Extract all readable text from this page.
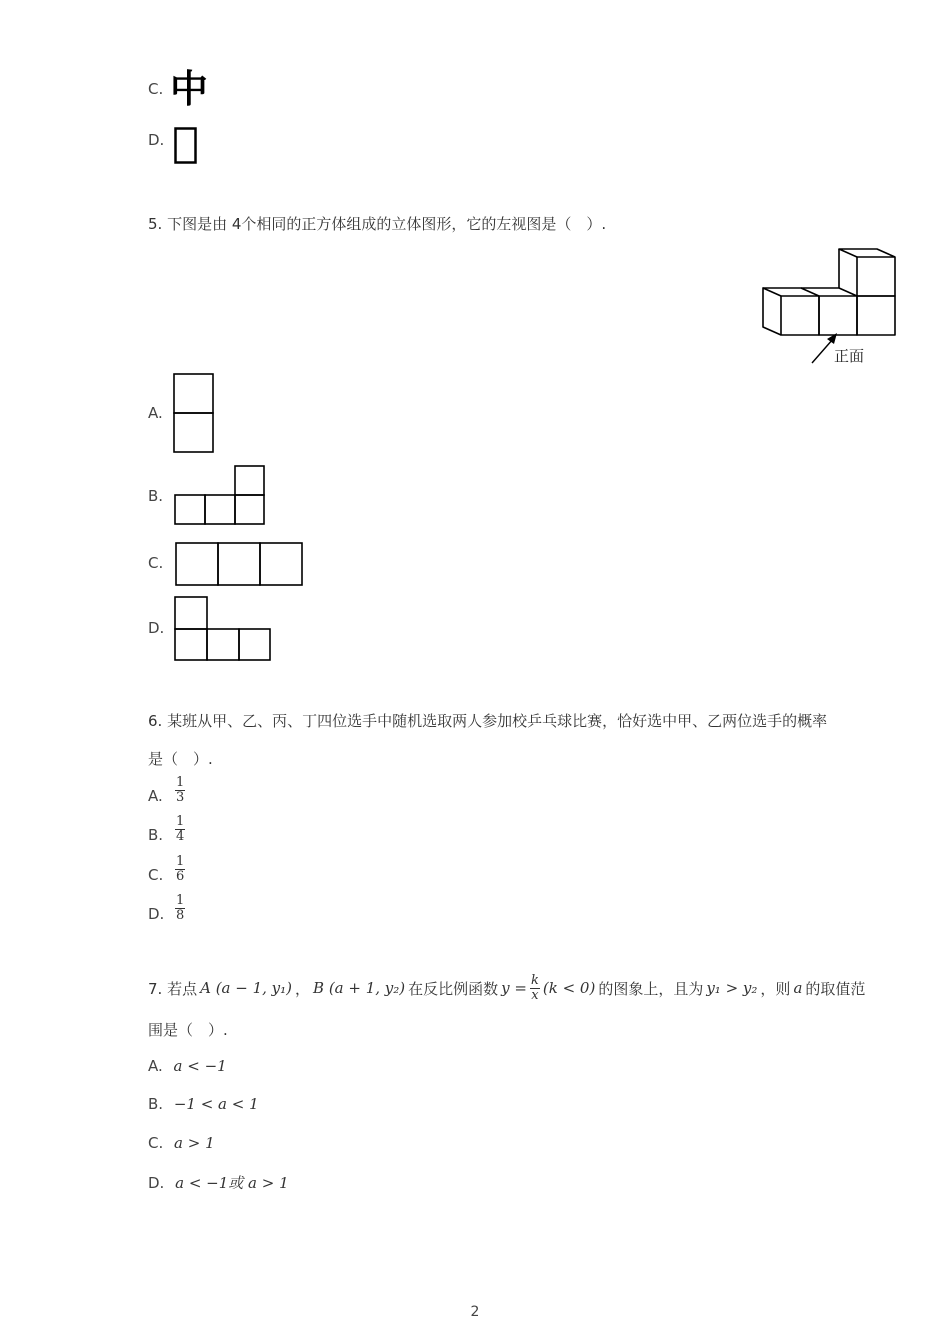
C. 中
D.
5. 下图是由 4个相同的正方体组成的立体图形，它的左视图是（　）.
正面
A.
B.
C.
D.
6. 某班从甲、乙、丙、丁四位选手中随机选取两人参加校乒乓球比赛，恰好选中甲、乙两位选手的概率
是（　）.
A. $\frac{1}{3}$
B. $\frac{1}{4}$
C. $\frac{1}{6}$
D. $\frac{1}{8}$
7. 若点 A (a − 1, y₁) ， B (a + 1, y₂) 在反比例函数 $y = \frac{k}{x} (k < 0)$ 的图象上，且为 y₁ > y₂ ，则 a 的取值范
围是（　）.
A. a < −1
B. −1 < a < 1
C. a > 1
D. a < −1或 a > 1
2
